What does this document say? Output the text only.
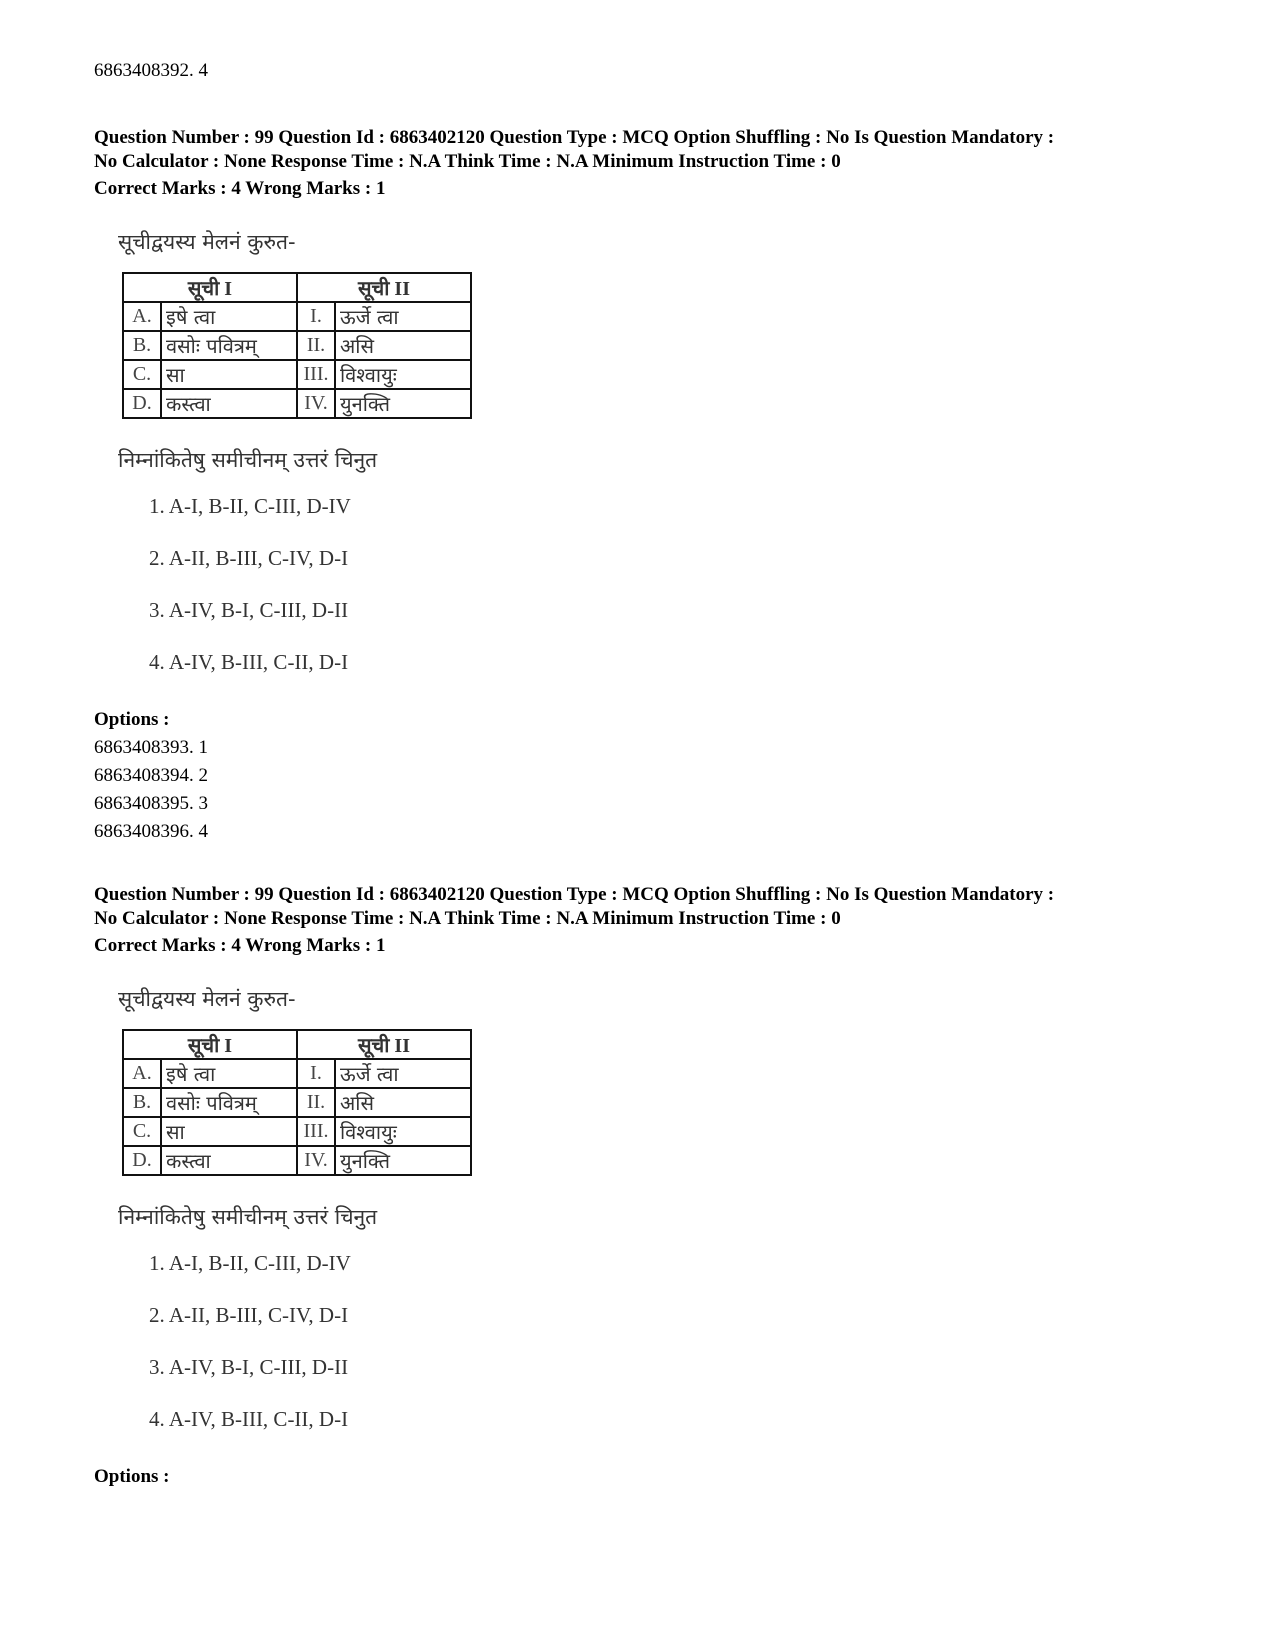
6863408392. 4
Question Number : 99 Question Id : 6863402120 Question Type : MCQ Option Shuffling : No Is Question Mandatory :
No Calculator : None Response Time : N.A Think Time : N.A Minimum Instruction Time : 0
Correct Marks : 4 Wrong Marks : 1
सूचीद्वयस्य मेलनं कुरुत-
सूची I		सूची II	
A.	इषे त्वा	I.	ऊर्जे त्वा
B.	वसोः पवित्रम्	II.	असि
C.	सा	III.	विश्वायुः
D.	कस्त्वा	IV.	युनक्ति
निम्नांकितेषु समीचीनम् उत्तरं चिनुत
1. A-I, B-II, C-III, D-IV
2. A-II, B-III, C-IV, D-I
3. A-IV, B-I, C-III, D-II
4. A-IV, B-III, C-II, D-I
Options :
6863408393. 1
6863408394. 2
6863408395. 3
6863408396. 4
Question Number : 99 Question Id : 6863402120 Question Type : MCQ Option Shuffling : No Is Question Mandatory :
No Calculator : None Response Time : N.A Think Time : N.A Minimum Instruction Time : 0
Correct Marks : 4 Wrong Marks : 1
सूचीद्वयस्य मेलनं कुरुत-
सूची I		सूची II	
A.	इषे त्वा	I.	ऊर्जे त्वा
B.	वसोः पवित्रम्	II.	असि
C.	सा	III.	विश्वायुः
D.	कस्त्वा	IV.	युनक्ति
निम्नांकितेषु समीचीनम् उत्तरं चिनुत
1. A-I, B-II, C-III, D-IV
2. A-II, B-III, C-IV, D-I
3. A-IV, B-I, C-III, D-II
4. A-IV, B-III, C-II, D-I
Options :
